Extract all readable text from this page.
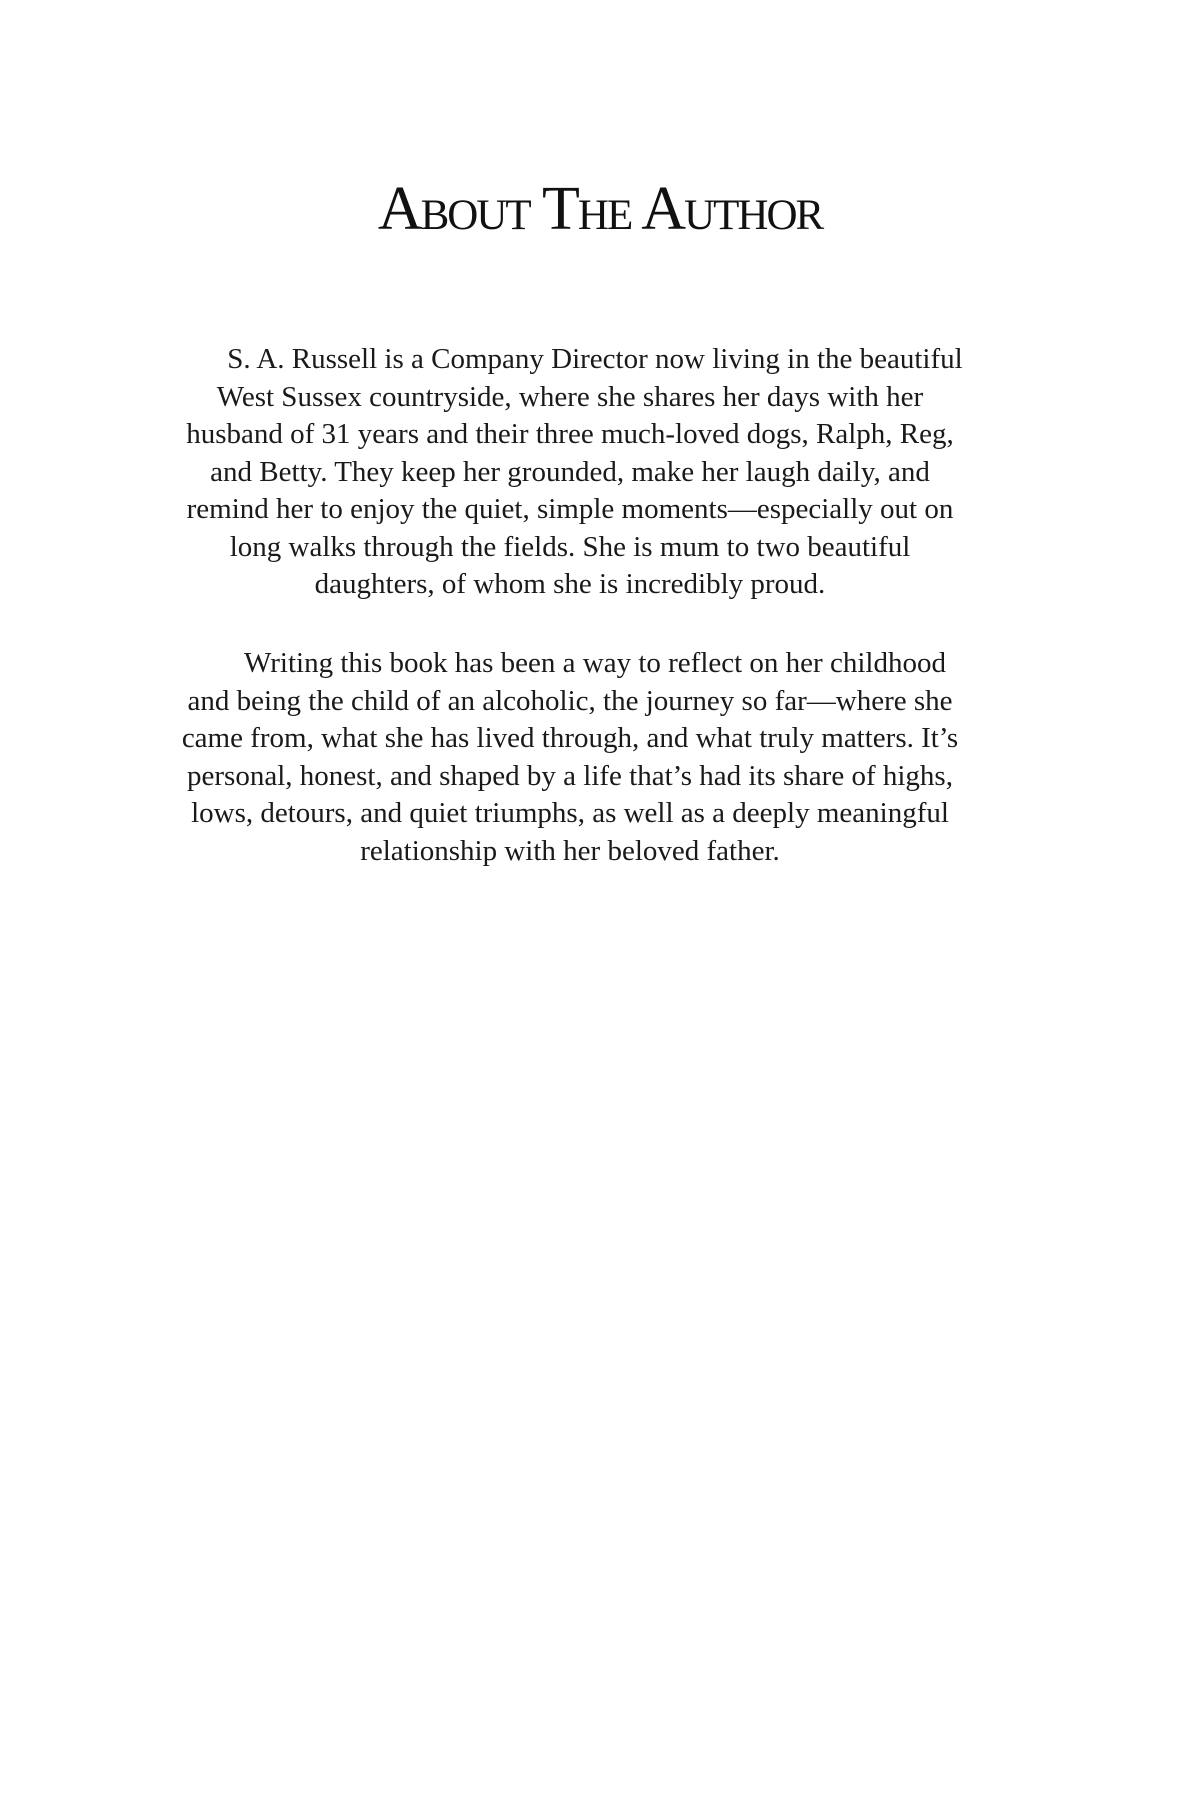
About The Author

S. A. Russell is a Company Director now living in the beautiful
West Sussex countryside, where she shares her days with her
husband of 31 years and their three much-loved dogs, Ralph, Reg,
and Betty. They keep her grounded, make her laugh daily, and
remind her to enjoy the quiet, simple moments—especially out on
long walks through the fields. She is mum to two beautiful
daughters, of whom she is incredibly proud.

Writing this book has been a way to reflect on her childhood
and being the child of an alcoholic, the journey so far—where she
came from, what she has lived through, and what truly matters. It’s
personal, honest, and shaped by a life that’s had its share of highs,
lows, detours, and quiet triumphs, as well as a deeply meaningful
relationship with her beloved father.
